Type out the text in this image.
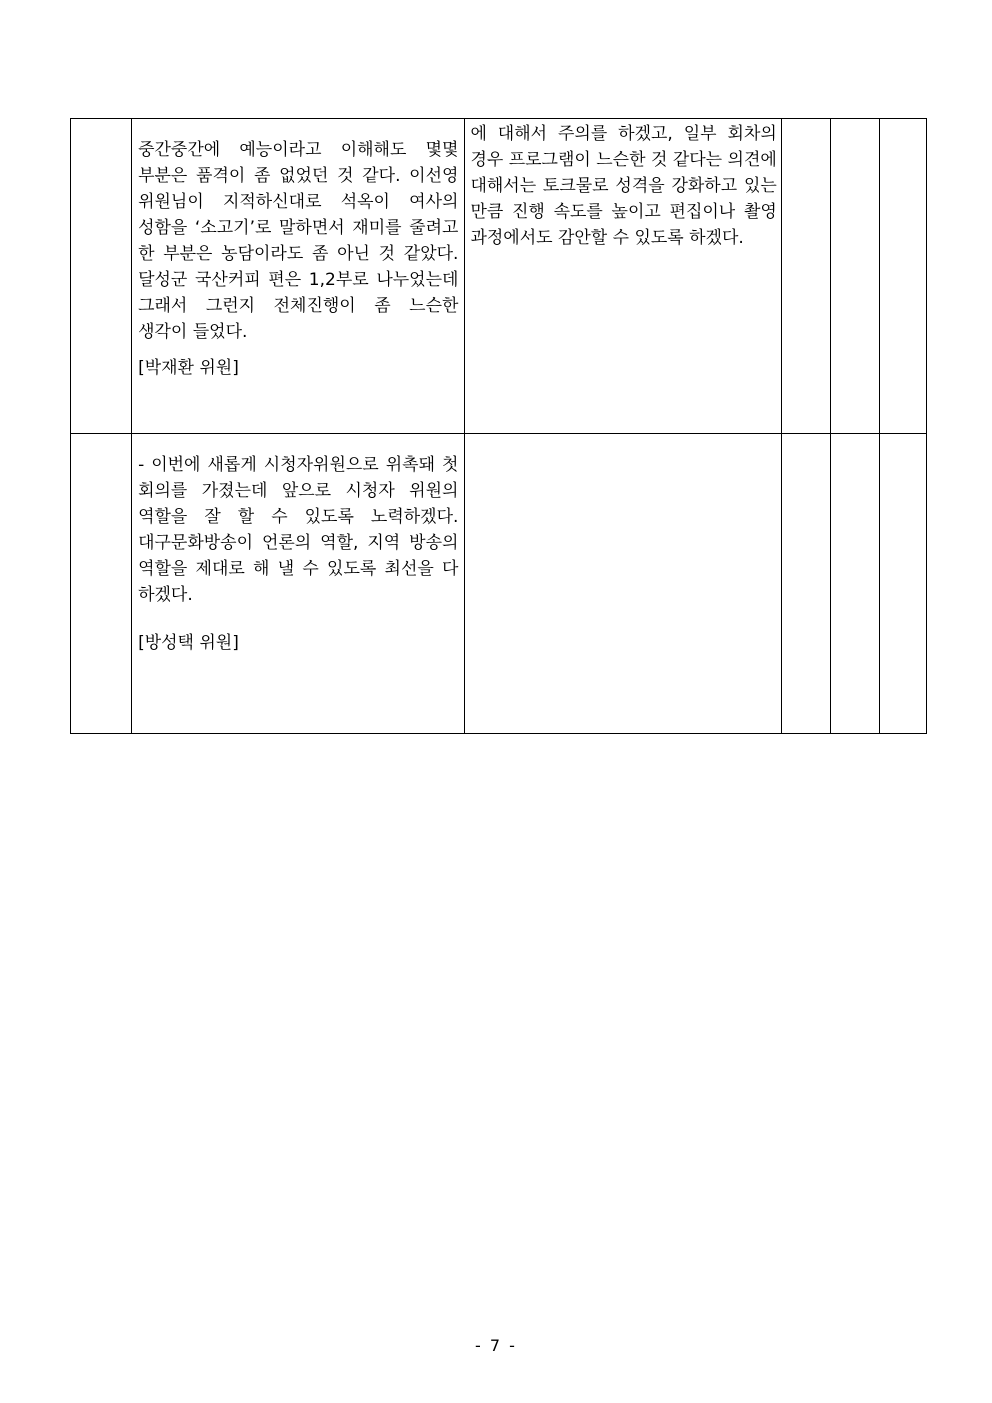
	중간중간에 예능이라고 이해해도 몇몇 부분은 품격이 좀 없었던 것 같다. 이선영 위원님이 지적하신대로 석옥이 여사의 성함을 ‘소고기’로 말하면서 재미를 줄려고 한 부분은 농담이라도 좀 아닌 것 같았다. 달성군 국산커피 편은 1,2부로 나누었는데 그래서 그런지 전체진행이 좀 느슨한 생각이 들었다.

[박재환 위원]	에 대해서 주의를 하겠고, 일부 회차의 경우 프로그램이 느슨한 것 같다는 의견에 대해서는 토크물로 성격을 강화하고 있는 만큼 진행 속도를 높이고 편집이나 촬영 과정에서도 감안할 수 있도록 하겠다.			

	- 이번에 새롭게 시청자위원으로 위촉돼 첫 회의를 가졌는데 앞으로 시청자 위원의 역할을 잘 할 수 있도록 노력하겠다. 대구문화방송이 언론의 역할, 지역 방송의 역할을 제대로 해 낼 수 있도록 최선을 다 하겠다.

[방성택 위원]				

- 7 -
